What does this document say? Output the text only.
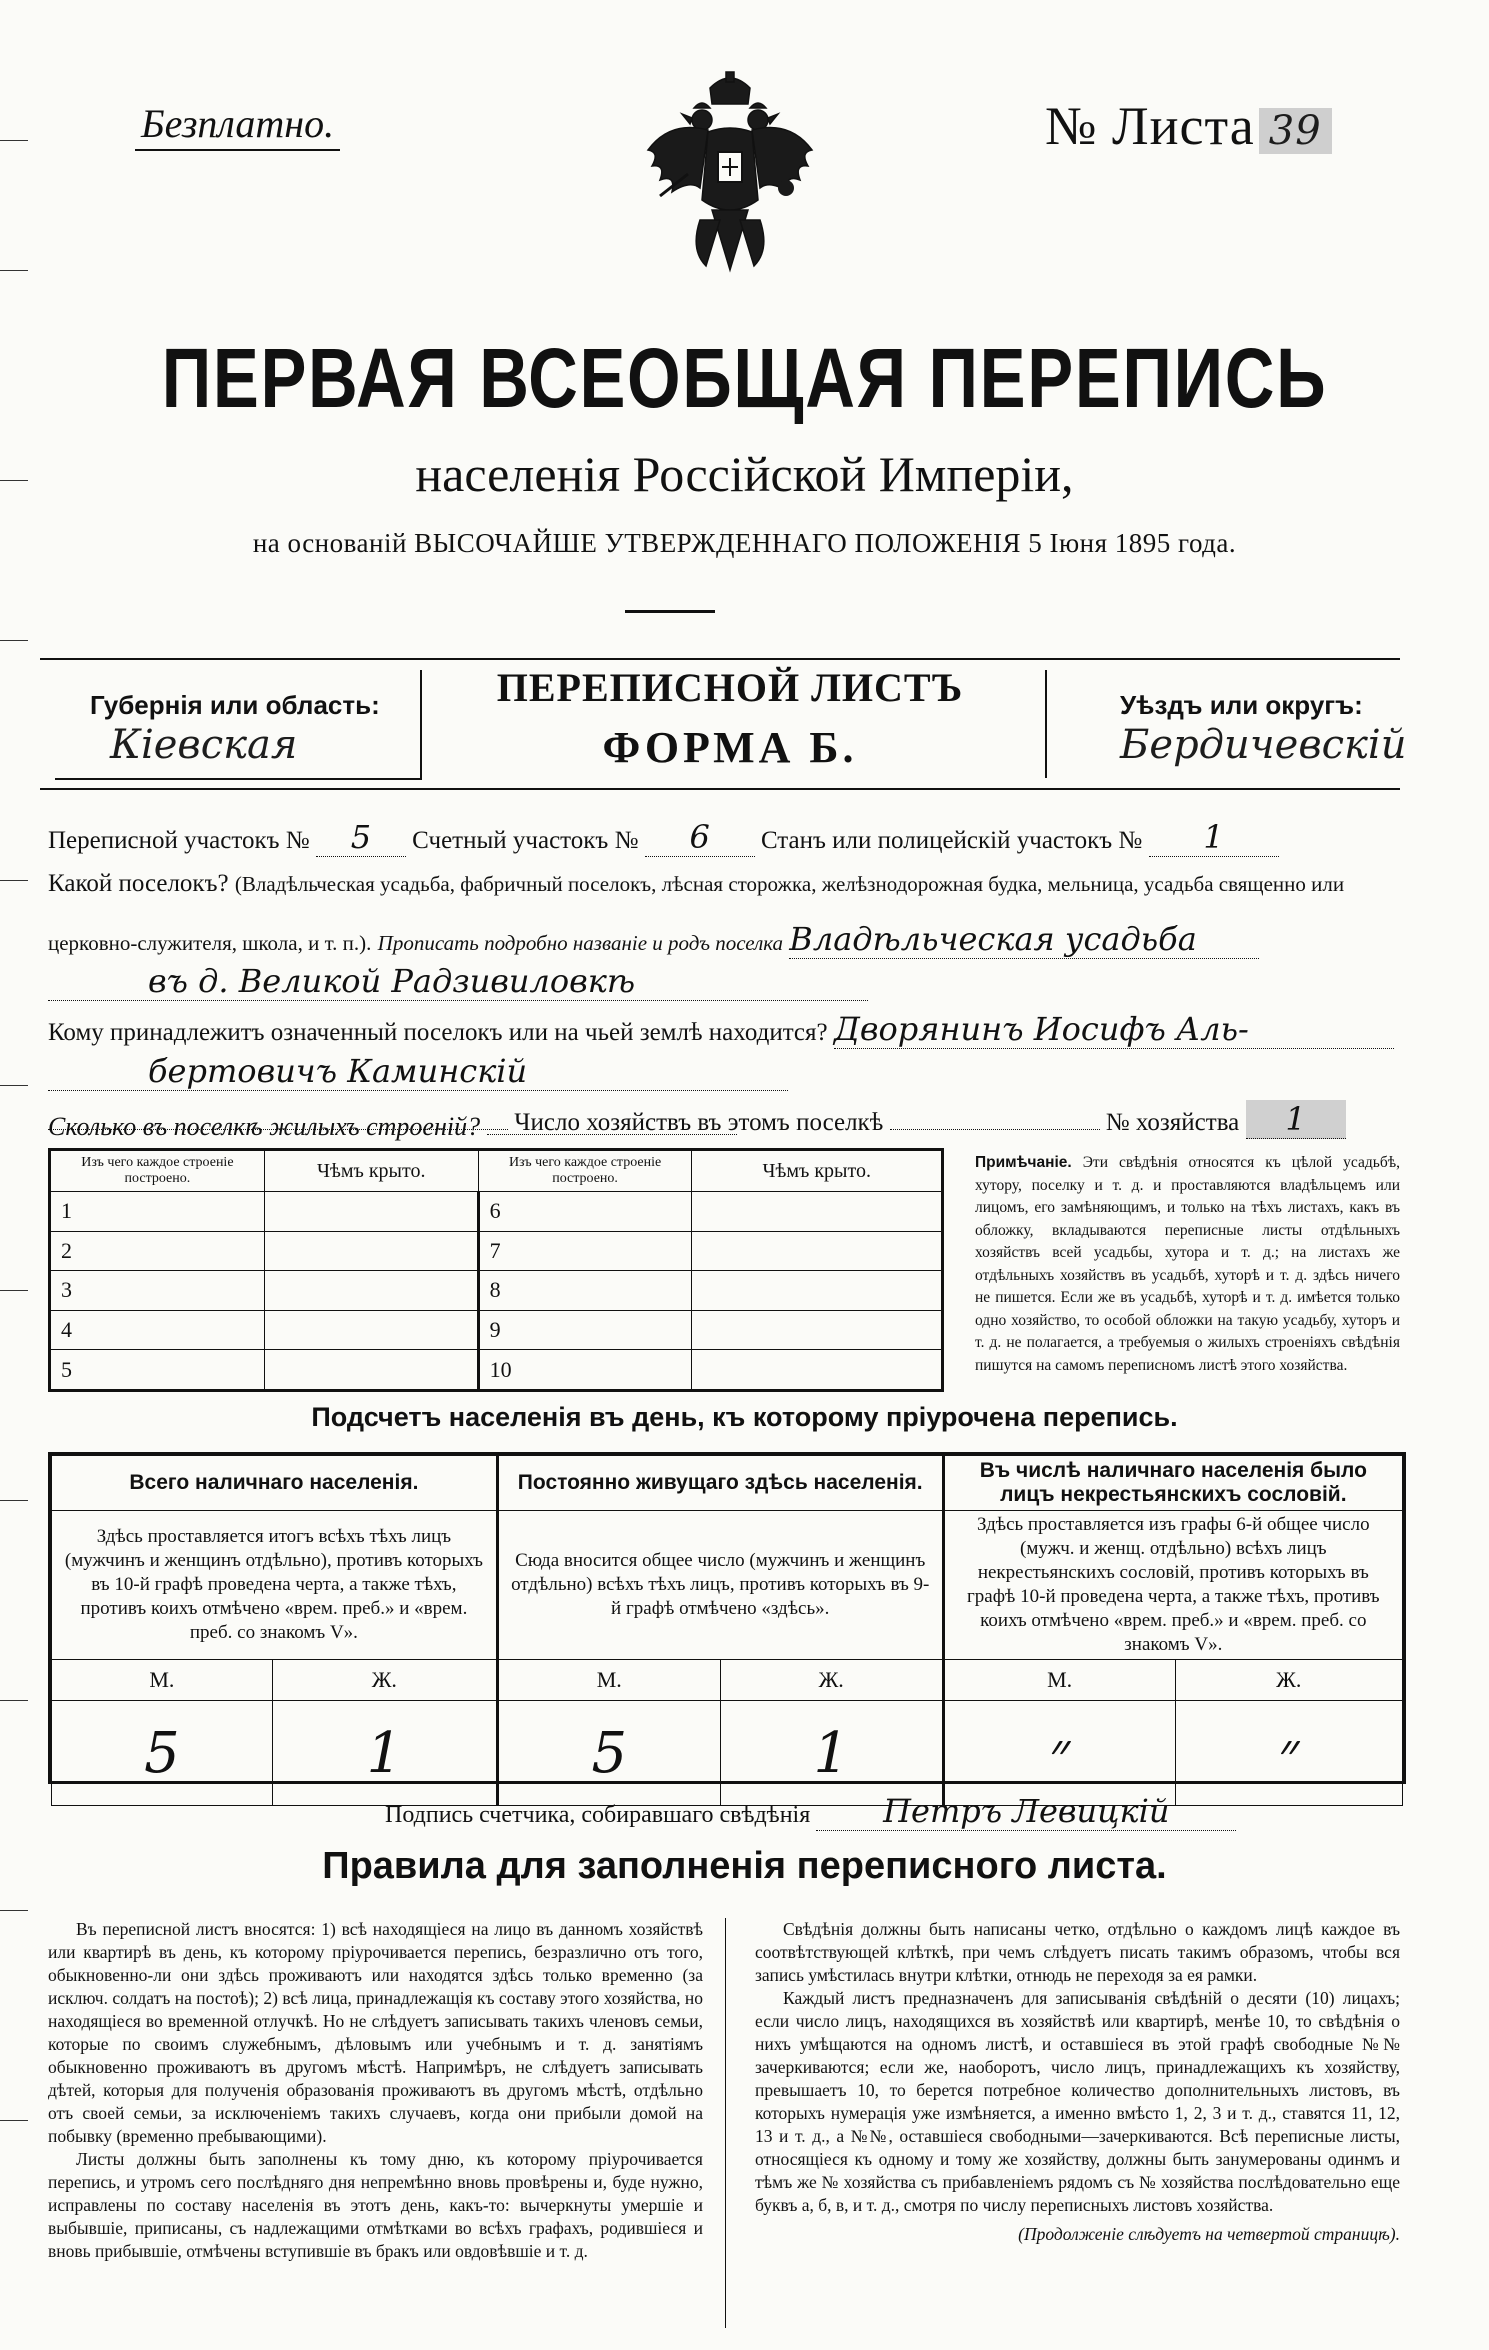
Безплатно.	№ Листа 39
ПЕРВАЯ ВСЕОБЩАЯ ПЕРЕПИСЬ
населенія Россійской Имперіи,
на основаній ВЫСОЧАЙШЕ УТВЕРЖДЕННАГО ПОЛОЖЕНІЯ 5 Іюня 1895 года.
Губернія или область:
Кiевская
ПЕРЕПИСНОЙ ЛИСТЪ
ФОРМА Б.
Уѣздъ или округъ:
Бердичевскiй
Переписной участокъ № 5 Счетный участокъ № 6 Станъ или полицейскій участокъ № 1
Какой поселокъ? (Владѣльческая усадьба, фабричный поселокъ, лѣсная сторожка, желѣзнодорожная будка, мельница, усадьба священно или
церковно-служителя, школа, и т. п.). Прописать подробно названіе и родъ поселка Владѣльческая усадьба
въ д. Великой Радзивиловкѣ
Кому принадлежитъ означенный поселокъ или на чьей землѣ находится? Дворянинъ Иосифъ Аль-
бертовичъ Каминскій
Число хозяйствъ въ этомъ поселкѣ	№ хозяйства 1
Сколько въ поселкѣ жилыхъ строеній?
Изъ чего каждое строеніе построено.	Чѣмъ крыто.	Изъ чего каждое строеніе построено.	Чѣмъ крыто.
1		6	
2		7	
3		8	
4		9	
5		10	
Примѣчаніе. Эти свѣдѣнія относятся къ цѣлой усадьбѣ, хутору, поселку и т. д. и проставляются владѣльцемъ или лицомъ, его замѣняющимъ, и только на тѣхъ листахъ, какъ въ обложку, вкладываются переписные листы отдѣльныхъ хозяйствъ всей усадьбы, хутора и т. д.; на листахъ же отдѣльныхъ хозяйствъ въ усадьбѣ, хуторѣ и т. д. здѣсь ничего не пишется. Если же въ усадьбѣ, хуторѣ и т. д. имѣется только одно хозяйство, то особой обложки на такую усадьбу, хуторъ и т. д. не полагается, а требуемыя о жилыхъ строеніяхъ свѣдѣнія пишутся на самомъ переписномъ листѣ этого хозяйства.
Подсчетъ населенія въ день, къ которому пріурочена перепись.
Всего наличнаго населенія.		Постоянно живущаго здѣсь населенія.		Въ числѣ наличнаго населенія было лицъ некрестьянскихъ сословій.	
Здѣсь проставляется итогъ всѣхъ тѣхъ лицъ (мужчинъ и женщинъ отдѣльно), противъ которыхъ въ 10-й графѣ проведена черта, а также тѣхъ, противъ коихъ отмѣчено «врем. преб.» и «врем. преб. со знакомъ V».		Сюда вносится общее число (мужчинъ и женщинъ отдѣльно) всѣхъ тѣхъ лицъ, противъ которыхъ въ 9-й графѣ отмѣчено «здѣсь».		Здѣсь проставляется изъ графы 6-й общее число (мужч. и женщ. отдѣльно) всѣхъ лицъ некрестьянскихъ сословій, противъ которыхъ въ графѣ 10-й проведена черта, а также тѣхъ, противъ коихъ отмѣчено «врем. преб.» и «врем. преб. со знакомъ V».	
М.	Ж.	М.	Ж.	М.	Ж.
5	1	5	1	״	״
Подпись счетчика, собиравшаго свѣдѣнія Петръ Левицкiй
Правила для заполненія переписного листа.

Въ переписной листъ вносятся: 1) всѣ находящіеся на лицо въ данномъ хозяйствѣ или квартирѣ въ день, къ которому пріурочивается перепись, безразлично отъ того, обыкновенно-ли они здѣсь проживаютъ или находятся здѣсь только временно (за исключ. солдатъ на постоѣ); 2) всѣ лица, принадлежащія къ составу этого хозяйства, но находящіеся во временной отлучкѣ. Но не слѣдуетъ записывать такихъ членовъ семьи, которые по своимъ служебнымъ, дѣловымъ или учебнымъ и т. д. занятіямъ обыкновенно проживаютъ въ другомъ мѣстѣ. Напримѣръ, не слѣдуетъ записывать дѣтей, которыя для полученія образованія проживаютъ въ другомъ мѣстѣ, отдѣльно отъ своей семьи, за исключеніемъ такихъ случаевъ, когда они прибыли домой на побывку (временно пребывающими).

Листы должны быть заполнены къ тому дню, къ которому пріурочивается перепись, и утромъ сего послѣдняго дня непремѣнно вновь провѣрены и, буде нужно, исправлены по составу населенія въ этотъ день, какъ-то: вычеркнуты умершіе и выбывшіе, приписаны, съ надлежащими отмѣтками во всѣхъ графахъ, родившіеся и вновь прибывшіе, отмѣчены вступившіе въ бракъ или овдовѣвшіе и т. д.

Свѣдѣнія должны быть написаны четко, отдѣльно о каждомъ лицѣ каждое въ соотвѣтствующей клѣткѣ, при чемъ слѣдуетъ писать такимъ образомъ, чтобы вся запись умѣстилась внутри клѣтки, отнюдь не переходя за ея рамки.

Каждый листъ предназначенъ для записыванія свѣдѣній о десяти (10) лицахъ; если число лицъ, находящихся въ хозяйствѣ или квартирѣ, менѣе 10, то свѣдѣнія о нихъ умѣщаются на одномъ листѣ, и оставшіеся въ этой графѣ свободные №№ зачеркиваются; если же, наоборотъ, число лицъ, принадлежащихъ къ хозяйству, превышаетъ 10, то берется потребное количество дополнительныхъ листовъ, въ которыхъ нумерація уже измѣняется, а именно вмѣсто 1, 2, 3 и т. д., ставятся 11, 12, 13 и т. д., а №№, оставшіеся свободными—зачеркиваются. Всѣ переписные листы, относящіеся къ одному и тому же хозяйству, должны быть занумерованы одинмъ и тѣмъ же № хозяйства съ прибавленіемъ рядомъ съ № хозяйства послѣдовательно еще буквъ а, б, в, и т. д., смотря по числу переписныхъ листовъ хозяйства.

(Продолженіе слѣдуетъ на четвертой страницѣ).
